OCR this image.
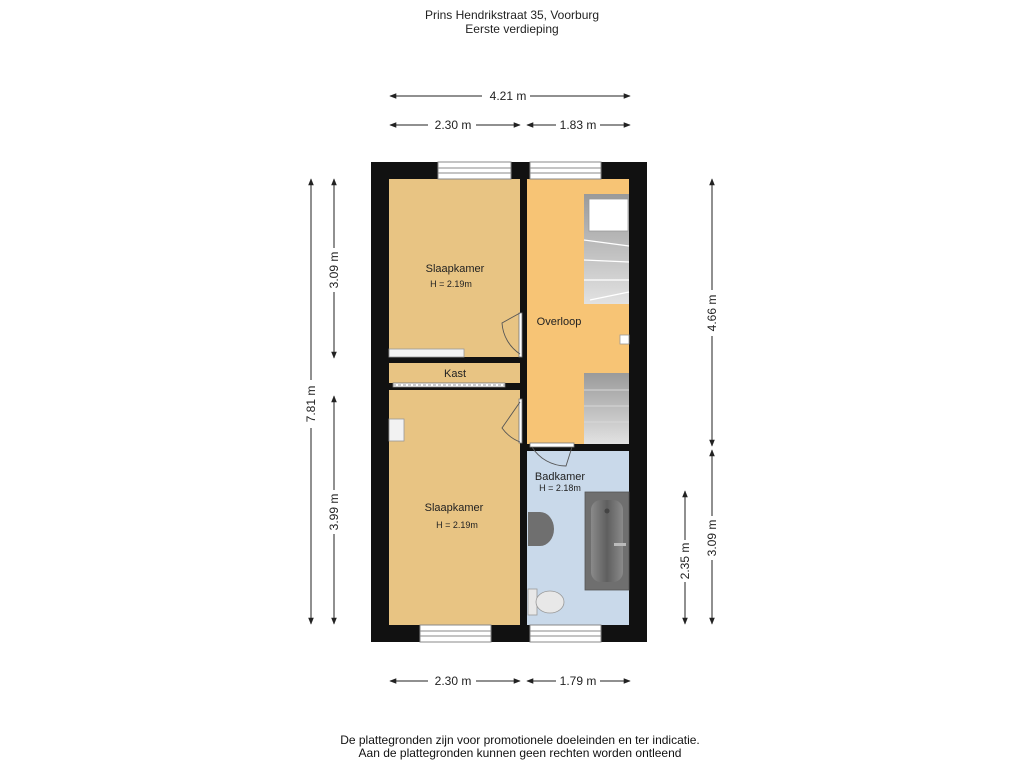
Prins Hendrikstraat 35, Voorburg
Eerste verdieping
4.21 m
2.30 m	1.83 m
2.30 m	1.79 m
7.81 m
3.09 m
3.99 m
4.66 m
3.09 m
2.35 m
Slaapkamer
H = 2.19m
Kast
Overloop
Slaapkamer
H = 2.19m
Badkamer
H = 2.18m
De plattegronden zijn voor promotionele doeleinden en ter indicatie.
Aan de plattegronden kunnen geen rechten worden ontleend
